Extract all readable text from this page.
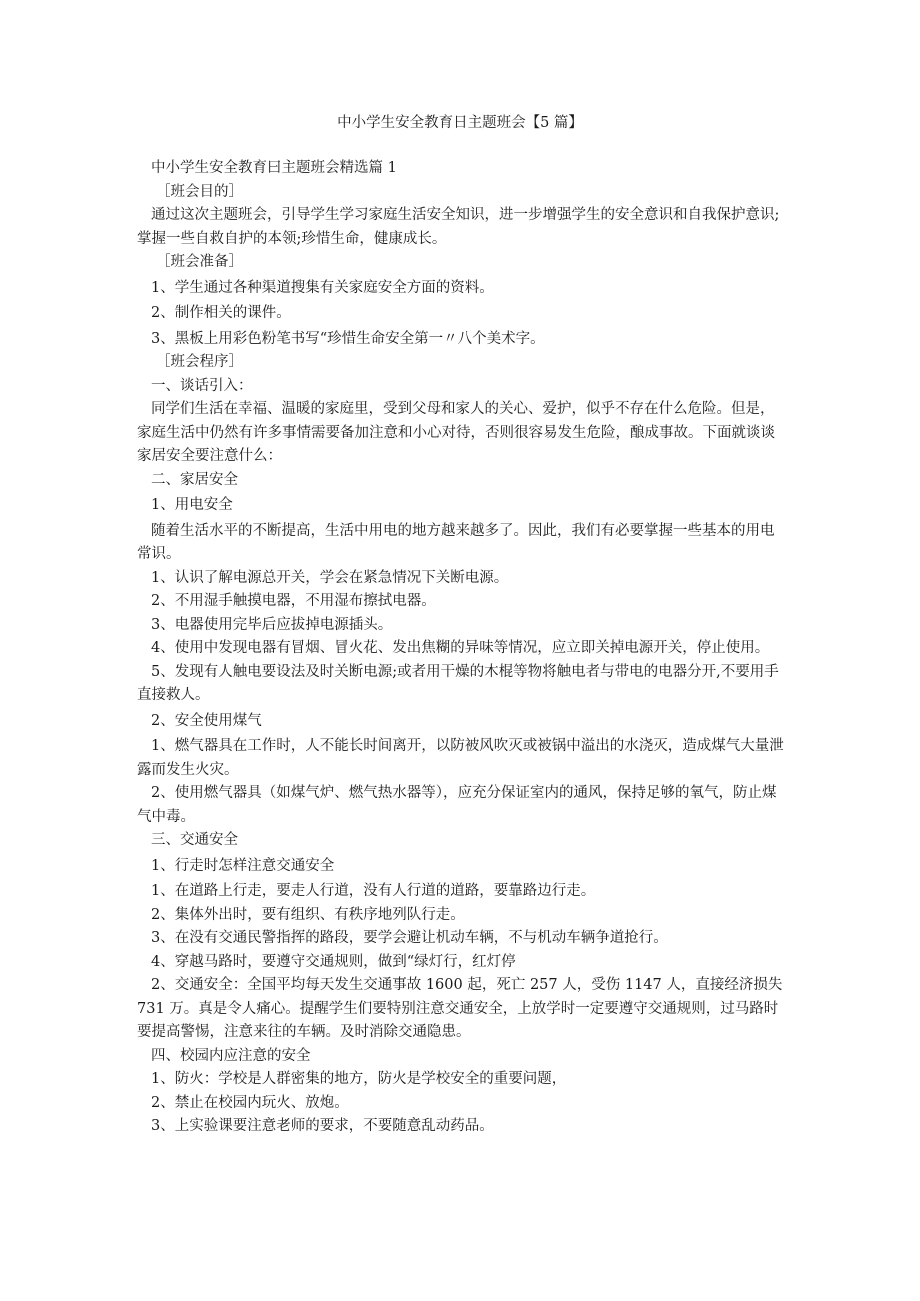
中小学生安全教育日主题班会【5 篇】

中小学生安全教育曰主题班会精选篇 1

［班会目的］

通过这次主题班会，引导学生学习家庭生活安全知识，进一步增强学生的安全意识和自我保护意识;掌握一些自救自护的本领;珍惜生命，健康成长。

［班会准备］

1、学生通过各种渠道搜集有关家庭安全方面的资料。

2、制作相关的课件。

3、黑板上用彩色粉笔书写“珍惜生命安全第一〃八个美术字。

［班会程序］

一、谈话引入：

同学们生活在幸福、温暖的家庭里，受到父母和家人的关心、爱护，似乎不存在什么危险。但是，家庭生活中仍然有许多事情需要备加注意和小心对待，否则很容易发生危险，酿成事故。下面就谈谈家居安全要注意什么：

二、家居安全

1、用电安全

随着生活水平的不断提高，生活中用电的地方越来越多了。因此，我们有必要掌握一些基本的用电常识。

1、认识了解电源总开关，学会在紧急情况下关断电源。

2、不用湿手触摸电器，不用湿布擦拭电器。

3、电器使用完毕后应拔掉电源插头。

4、使用中发现电器有冒烟、冒火花、发出焦糊的异味等情况，应立即关掉电源开关，停止使用。

5、发现有人触电要设法及时关断电源;或者用干燥的木棍等物将触电者与带电的电器分开,不要用手直接救人。

2、安全使用煤气

1、燃气器具在工作时，人不能长时间离开，以防被风吹灭或被锅中溢出的水浇灭，造成煤气大量泄露而发生火灾。

2、使用燃气器具（如煤气炉、燃气热水器等），应充分保证室内的通风，保持足够的氧气，防止煤气中毒。

三、交通安全

1、行走时怎样注意交通安全

1、在道路上行走，要走人行道，没有人行道的道路，要靠路边行走。

2、集体外出时，要有组织、有秩序地列队行走。

3、在没有交通民警指挥的路段，要学会避让机动车辆，不与机动车辆争道抢行。

4、穿越马路时，要遵守交通规则，做到“绿灯行，红灯停

2、交通安全：全国平均每天发生交通事故 1600 起，死亡 257 人，受伤 1147 人，直接经济损失 731 万。真是令人痛心。提醒学生们要特别注意交通安全，上放学时一定要遵守交通规则，过马路时要提高警惕，注意来往的车辆。及时消除交通隐患。

四、校园内应注意的安全

1、防火：学校是人群密集的地方，防火是学校安全的重要问题，

2、禁止在校园内玩火、放炮。

3、上实验课要注意老师的要求，不要随意乱动药品。
